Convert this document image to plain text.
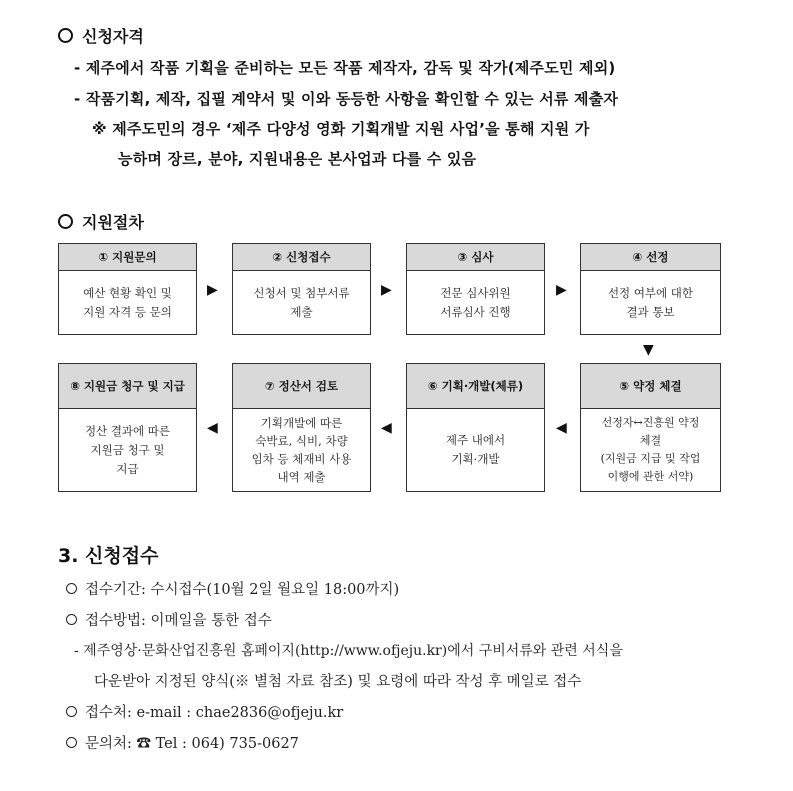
신청자격
- 제주에서 작품 기획을 준비하는 모든 작품 제작자, 감독 및 작가(제주도민 제외)
- 작품기획, 제작, 집필 계약서 및 이와 동등한 사항을 확인할 수 있는 서류 제출자
※ 제주도민의 경우 ‘제주 다양성 영화 기획개발 지원 사업’을 통해 지원 가
능하며 장르, 분야, 지원내용은 본사업과 다를 수 있음
지원절차
① 지원문의
예산 현황 확인 및
지원 자격 등 문의
▶
② 신청접수
신청서 및 첨부서류
제출
▶
③ 심사
전문 심사위원
서류심사 진행
▶
④ 선정
선정 여부에 대한
결과 통보
▼
⑧ 지원금 청구 및 지급
정산 결과에 따른
지원금 청구 및
지급
◀
⑦ 정산서 검토
기획개발에 따른
숙박료, 식비, 차량
임차 등 체재비 사용
내역 제출
◀
⑥ 기획·개발(체류)
제주 내에서
기획·개발
◀
⑤ 약정 체결
선정자↔진흥원 약정
체결
(지원금 지급 및 작업
이행에 관한 서약)
3. 신청접수
접수기간: 수시접수(10월 2일 월요일 18:00까지)
접수방법: 이메일을 통한 접수
- 제주영상·문화산업진흥원 홈페이지(http://www.ofjeju.kr)에서 구비서류와 관련 서식을
다운받아 지정된 양식(※ 별첨 자료 참조) 및 요령에 따라 작성 후 메일로 접수
접수처: e-mail : chae2836@ofjeju.kr
문의처: ☎ Tel : 064) 735-0627
